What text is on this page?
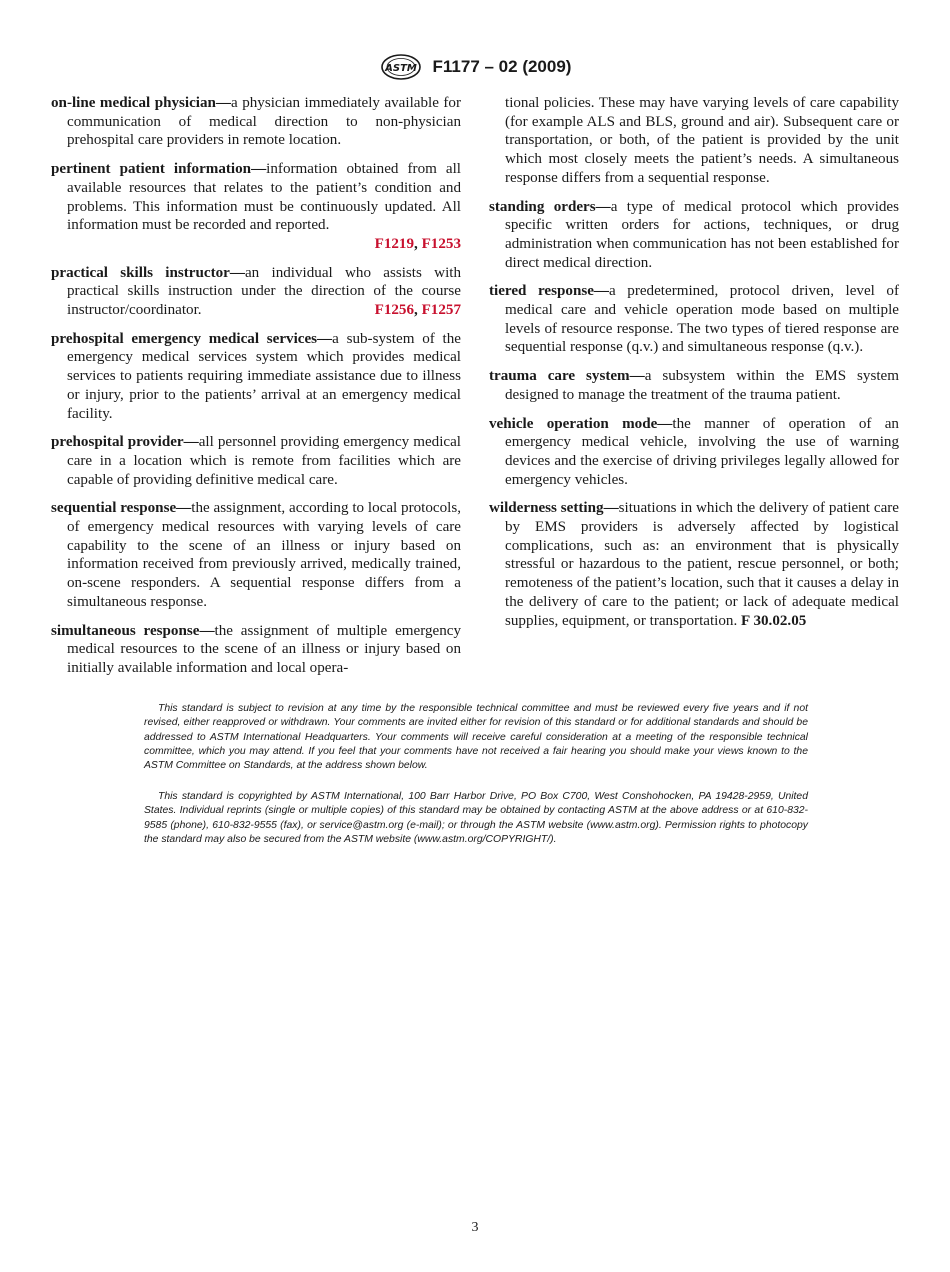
ASTM F1177 – 02 (2009)

on-line medical physician—a physician immediately available for communication of medical direction to non-physician prehospital care providers in remote location.

pertinent patient information—information obtained from all available resources that relates to the patient’s condition and problems. This information must be continuously updated. All information must be recorded and reported.
F1219, F1253

practical skills instructor—an individual who assists with practical skills instruction under the direction of the course instructor/coordinator.	F1256, F1257

prehospital emergency medical services—a sub-system of the emergency medical services system which provides medical services to patients requiring immediate assistance due to illness or injury, prior to the patients’ arrival at an emergency medical facility.

prehospital provider—all personnel providing emergency medical care in a location which is remote from facilities which are capable of providing definitive medical care.

sequential response—the assignment, according to local protocols, of emergency medical resources with varying levels of care capability to the scene of an illness or injury based on information received from previously arrived, medically trained, on-scene responders. A sequential response differs from a simultaneous response.

simultaneous response—the assignment of multiple emergency medical resources to the scene of an illness or injury based on initially available information and local opera-

tional policies. These may have varying levels of care capability (for example ALS and BLS, ground and air). Subsequent care or transportation, or both, of the patient is provided by the unit which most closely meets the patient’s needs. A simultaneous response differs from a sequential response.

standing orders—a type of medical protocol which provides specific written orders for actions, techniques, or drug administration when communication has not been established for direct medical direction.

tiered response—a predetermined, protocol driven, level of medical care and vehicle operation mode based on multiple levels of resource response. The two types of tiered response are sequential response (q.v.) and simultaneous response (q.v.).

trauma care system—a subsystem within the EMS system designed to manage the treatment of the trauma patient.

vehicle operation mode—the manner of operation of an emergency medical vehicle, involving the use of warning devices and the exercise of driving privileges legally allowed for emergency vehicles.

wilderness setting—situations in which the delivery of patient care by EMS providers is adversely affected by logistical complications, such as: an environment that is physically stressful or hazardous to the patient, rescue personnel, or both; remoteness of the patient’s location, such that it causes a delay in the delivery of care to the patient; or lack of adequate medical supplies, equipment, or transportation. F 30.02.05

This standard is subject to revision at any time by the responsible technical committee and must be reviewed every five years and if not revised, either reapproved or withdrawn. Your comments are invited either for revision of this standard or for additional standards and should be addressed to ASTM International Headquarters. Your comments will receive careful consideration at a meeting of the responsible technical committee, which you may attend. If you feel that your comments have not received a fair hearing you should make your views known to the ASTM Committee on Standards, at the address shown below.

This standard is copyrighted by ASTM International, 100 Barr Harbor Drive, PO Box C700, West Conshohocken, PA 19428-2959, United States. Individual reprints (single or multiple copies) of this standard may be obtained by contacting ASTM at the above address or at 610-832-9585 (phone), 610-832-9555 (fax), or service@astm.org (e-mail); or through the ASTM website (www.astm.org). Permission rights to photocopy the standard may also be secured from the ASTM website (www.astm.org/COPYRIGHT/).

3
